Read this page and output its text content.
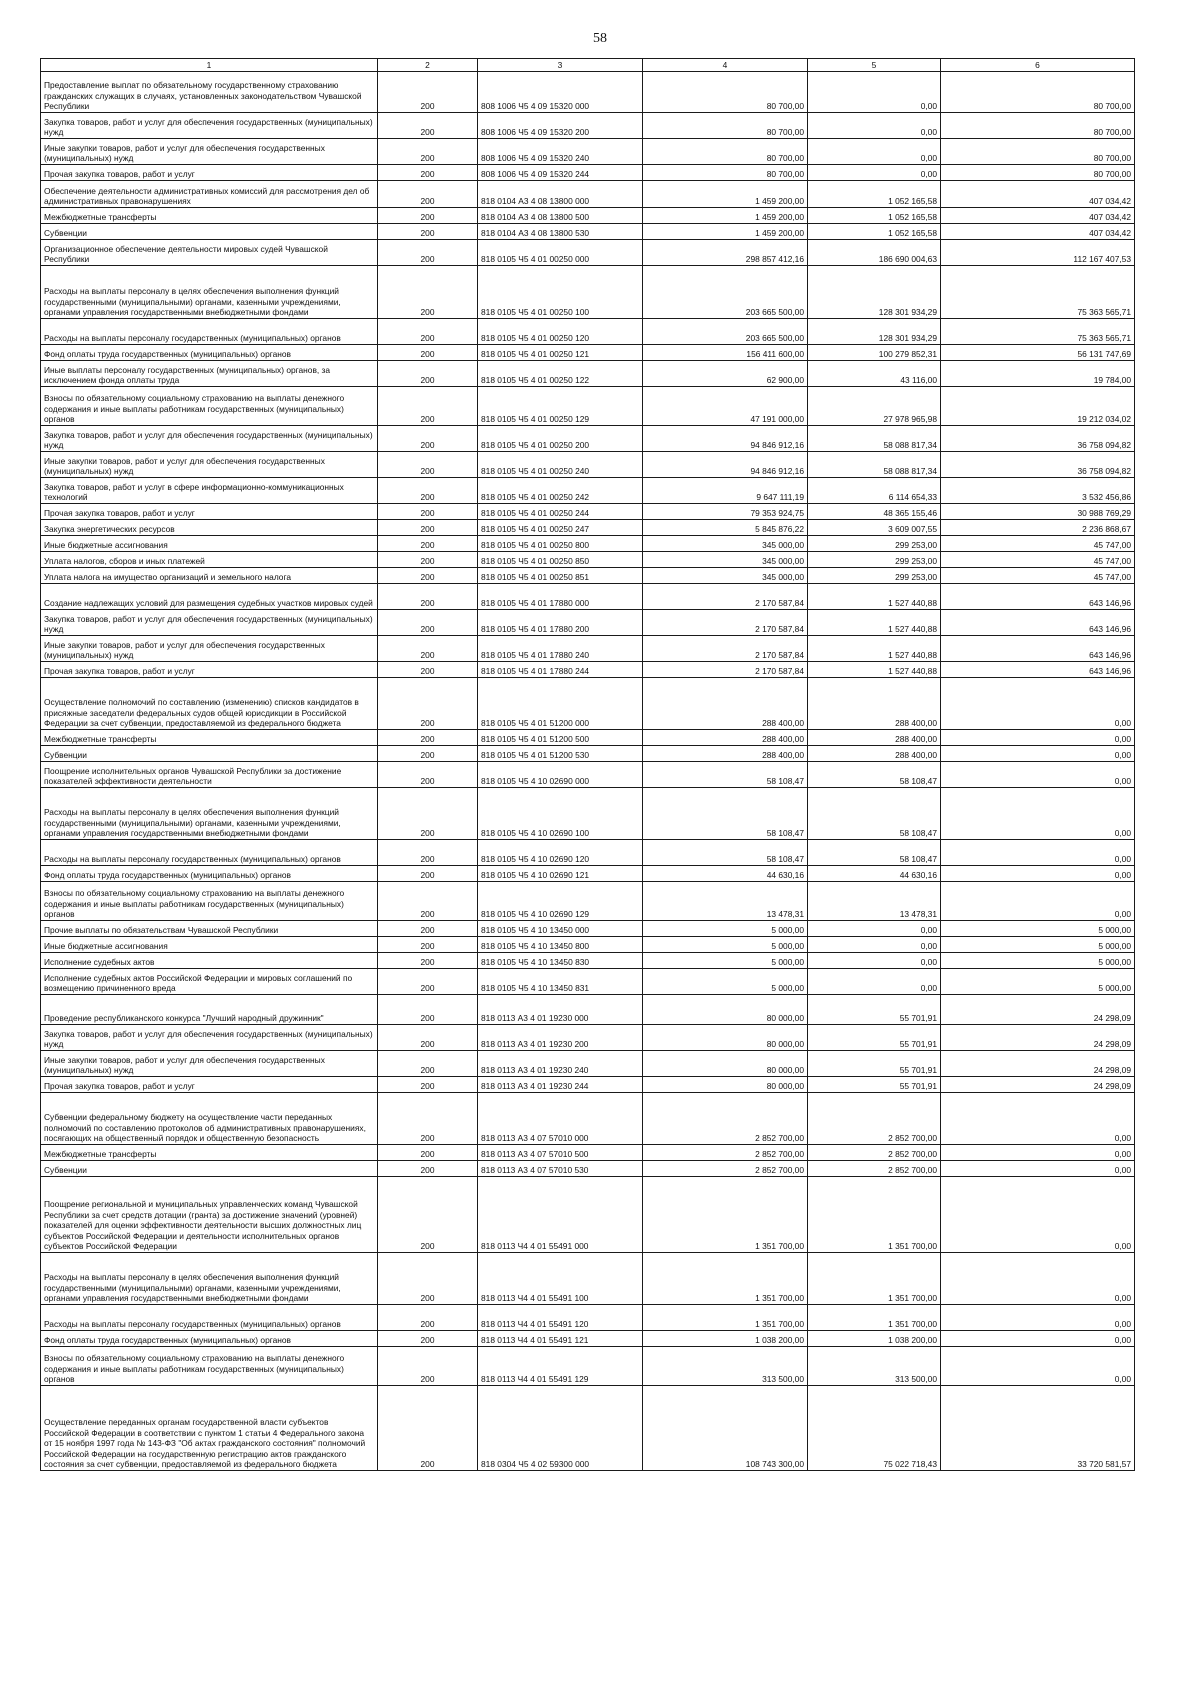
58
1	2	3	4	5	6
Предоставление выплат по обязательному государственному страхованию гражданских служащих в случаях, установленных законодательством Чувашской Республики	200	808 1006 Ч5 4 09 15320 000	80 700,00	0,00	80 700,00
Закупка товаров, работ и услуг для обеспечения государственных (муниципальных) нужд	200	808 1006 Ч5 4 09 15320 200	80 700,00	0,00	80 700,00
Иные закупки товаров, работ и услуг для обеспечения государственных (муниципальных) нужд	200	808 1006 Ч5 4 09 15320 240	80 700,00	0,00	80 700,00
Прочая закупка товаров, работ и услуг	200	808 1006 Ч5 4 09 15320 244	80 700,00	0,00	80 700,00
Обеспечение деятельности административных комиссий для рассмотрения дел об административных правонарушениях	200	818 0104 А3 4 08 13800 000	1 459 200,00	1 052 165,58	407 034,42
Межбюджетные трансферты	200	818 0104 А3 4 08 13800 500	1 459 200,00	1 052 165,58	407 034,42
Субвенции	200	818 0104 А3 4 08 13800 530	1 459 200,00	1 052 165,58	407 034,42
Организационное обеспечение деятельности мировых судей Чувашской Республики	200	818 0105 Ч5 4 01 00250 000	298 857 412,16	186 690 004,63	112 167 407,53
Расходы на выплаты персоналу в целях обеспечения выполнения функций государственными (муниципальными) органами, казенными учреждениями, органами управления государственными внебюджетными фондами	200	818 0105 Ч5 4 01 00250 100	203 665 500,00	128 301 934,29	75 363 565,71
Расходы на выплаты персоналу государственных (муниципальных) органов	200	818 0105 Ч5 4 01 00250 120	203 665 500,00	128 301 934,29	75 363 565,71
Фонд оплаты труда государственных (муниципальных) органов	200	818 0105 Ч5 4 01 00250 121	156 411 600,00	100 279 852,31	56 131 747,69
Иные выплаты персоналу государственных (муниципальных) органов, за исключением фонда оплаты труда	200	818 0105 Ч5 4 01 00250 122	62 900,00	43 116,00	19 784,00
Взносы по обязательному социальному страхованию на выплаты денежного содержания и иные выплаты работникам государственных (муниципальных) органов	200	818 0105 Ч5 4 01 00250 129	47 191 000,00	27 978 965,98	19 212 034,02
Закупка товаров, работ и услуг для обеспечения государственных (муниципальных) нужд	200	818 0105 Ч5 4 01 00250 200	94 846 912,16	58 088 817,34	36 758 094,82
Иные закупки товаров, работ и услуг для обеспечения государственных (муниципальных) нужд	200	818 0105 Ч5 4 01 00250 240	94 846 912,16	58 088 817,34	36 758 094,82
Закупка товаров, работ и услуг в сфере информационно-коммуникационных технологий	200	818 0105 Ч5 4 01 00250 242	9 647 111,19	6 114 654,33	3 532 456,86
Прочая закупка товаров, работ и услуг	200	818 0105 Ч5 4 01 00250 244	79 353 924,75	48 365 155,46	30 988 769,29
Закупка энергетических ресурсов	200	818 0105 Ч5 4 01 00250 247	5 845 876,22	3 609 007,55	2 236 868,67
Иные бюджетные ассигнования	200	818 0105 Ч5 4 01 00250 800	345 000,00	299 253,00	45 747,00
Уплата налогов, сборов и иных платежей	200	818 0105 Ч5 4 01 00250 850	345 000,00	299 253,00	45 747,00
Уплата налога на имущество организаций и земельного налога	200	818 0105 Ч5 4 01 00250 851	345 000,00	299 253,00	45 747,00
Создание надлежащих условий для размещения судебных участков мировых судей	200	818 0105 Ч5 4 01 17880 000	2 170 587,84	1 527 440,88	643 146,96
Закупка товаров, работ и услуг для обеспечения государственных (муниципальных) нужд	200	818 0105 Ч5 4 01 17880 200	2 170 587,84	1 527 440,88	643 146,96
Иные закупки товаров, работ и услуг для обеспечения государственных (муниципальных) нужд	200	818 0105 Ч5 4 01 17880 240	2 170 587,84	1 527 440,88	643 146,96
Прочая закупка товаров, работ и услуг	200	818 0105 Ч5 4 01 17880 244	2 170 587,84	1 527 440,88	643 146,96
Осуществление полномочий по составлению (изменению) списков кандидатов в присяжные заседатели федеральных судов общей юрисдикции в Российской Федерации за счет субвенции, предоставляемой из федерального бюджета	200	818 0105 Ч5 4 01 51200 000	288 400,00	288 400,00	0,00
Межбюджетные трансферты	200	818 0105 Ч5 4 01 51200 500	288 400,00	288 400,00	0,00
Субвенции	200	818 0105 Ч5 4 01 51200 530	288 400,00	288 400,00	0,00
Поощрение исполнительных органов Чувашской Республики за достижение показателей эффективности деятельности	200	818 0105 Ч5 4 10 02690 000	58 108,47	58 108,47	0,00
Расходы на выплаты персоналу в целях обеспечения выполнения функций государственными (муниципальными) органами, казенными учреждениями, органами управления государственными внебюджетными фондами	200	818 0105 Ч5 4 10 02690 100	58 108,47	58 108,47	0,00
Расходы на выплаты персоналу государственных (муниципальных) органов	200	818 0105 Ч5 4 10 02690 120	58 108,47	58 108,47	0,00
Фонд оплаты труда государственных (муниципальных) органов	200	818 0105 Ч5 4 10 02690 121	44 630,16	44 630,16	0,00
Взносы по обязательному социальному страхованию на выплаты денежного содержания и иные выплаты работникам государственных (муниципальных) органов	200	818 0105 Ч5 4 10 02690 129	13 478,31	13 478,31	0,00
Прочие выплаты по обязательствам Чувашской Республики	200	818 0105 Ч5 4 10 13450 000	5 000,00	0,00	5 000,00
Иные бюджетные ассигнования	200	818 0105 Ч5 4 10 13450 800	5 000,00	0,00	5 000,00
Исполнение судебных актов	200	818 0105 Ч5 4 10 13450 830	5 000,00	0,00	5 000,00
Исполнение судебных актов Российской Федерации и мировых соглашений по возмещению причиненного вреда	200	818 0105 Ч5 4 10 13450 831	5 000,00	0,00	5 000,00
Проведение республиканского конкурса "Лучший народный дружинник"	200	818 0113 А3 4 01 19230 000	80 000,00	55 701,91	24 298,09
Закупка товаров, работ и услуг для обеспечения государственных (муниципальных) нужд	200	818 0113 А3 4 01 19230 200	80 000,00	55 701,91	24 298,09
Иные закупки товаров, работ и услуг для обеспечения государственных (муниципальных) нужд	200	818 0113 А3 4 01 19230 240	80 000,00	55 701,91	24 298,09
Прочая закупка товаров, работ и услуг	200	818 0113 А3 4 01 19230 244	80 000,00	55 701,91	24 298,09
Субвенции федеральному бюджету на осуществление части переданных полномочий по составлению протоколов об административных правонарушениях, посягающих на общественный порядок и общественную безопасность	200	818 0113 А3 4 07 57010 000	2 852 700,00	2 852 700,00	0,00
Межбюджетные трансферты	200	818 0113 А3 4 07 57010 500	2 852 700,00	2 852 700,00	0,00
Субвенции	200	818 0113 А3 4 07 57010 530	2 852 700,00	2 852 700,00	0,00
Поощрение региональной и муниципальных управленческих команд Чувашской Республики за счет средств дотации (гранта) за достижение значений (уровней) показателей для оценки эффективности деятельности высших должностных лиц субъектов Российской Федерации и деятельности исполнительных органов субъектов Российской Федерации	200	818 0113 Ч4 4 01 55491 000	1 351 700,00	1 351 700,00	0,00
Расходы на выплаты персоналу в целях обеспечения выполнения функций государственными (муниципальными) органами, казенными учреждениями, органами управления государственными внебюджетными фондами	200	818 0113 Ч4 4 01 55491 100	1 351 700,00	1 351 700,00	0,00
Расходы на выплаты персоналу государственных (муниципальных) органов	200	818 0113 Ч4 4 01 55491 120	1 351 700,00	1 351 700,00	0,00
Фонд оплаты труда государственных (муниципальных) органов	200	818 0113 Ч4 4 01 55491 121	1 038 200,00	1 038 200,00	0,00
Взносы по обязательному социальному страхованию на выплаты денежного содержания и иные выплаты работникам государственных (муниципальных) органов	200	818 0113 Ч4 4 01 55491 129	313 500,00	313 500,00	0,00
Осуществление переданных органам государственной власти субъектов Российской Федерации в соответствии с пунктом 1 статьи 4 Федерального закона от 15 ноября 1997 года № 143-ФЗ "Об актах гражданского состояния" полномочий Российской Федерации на государственную регистрацию актов гражданского состояния за счет субвенции, предоставляемой из федерального бюджета	200	818 0304 Ч5 4 02 59300 000	108 743 300,00	75 022 718,43	33 720 581,57
